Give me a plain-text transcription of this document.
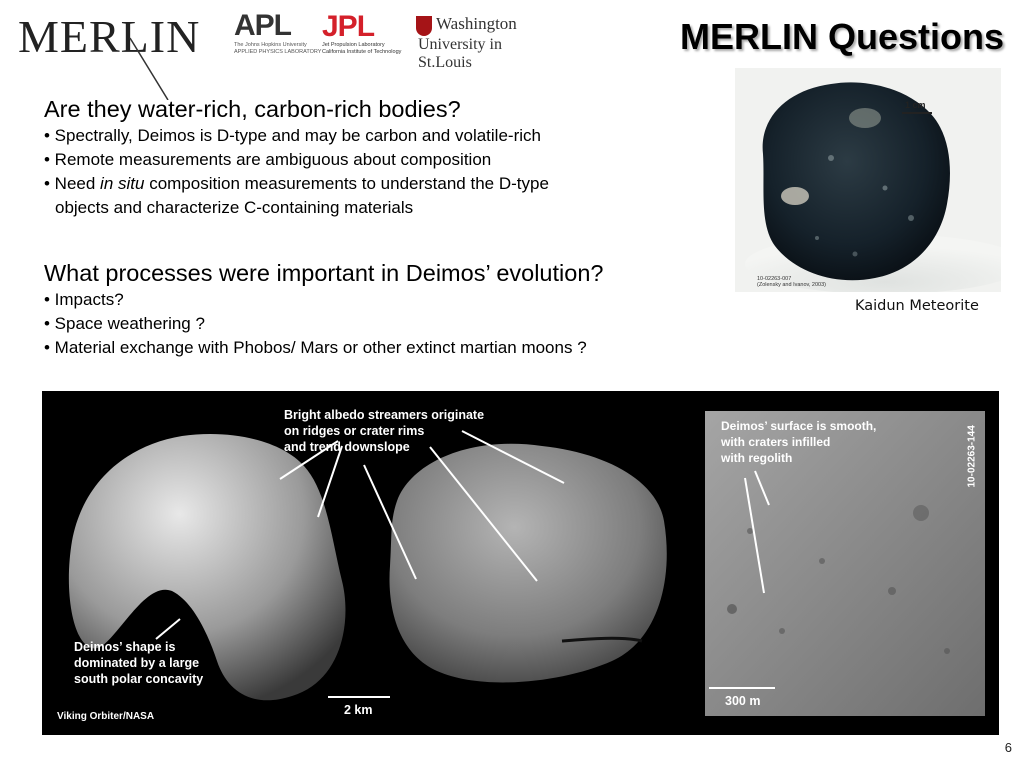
MERLIN APL
The Johns Hopkins University
APPLIED PHYSICS LABORATORY
JPL
Jet Propulsion Laboratory
California Institute of Technology
Washington
University in St.Louis
MERLIN Questions
Are they water-rich, carbon-rich bodies?
• Spectrally, Deimos is D-type and may be carbon and volatile-rich
• Remote measurements are ambiguous about composition
• Need in situ composition measurements to understand the D-type
objects and characterize C-containing materials
What processes were important in Deimos’ evolution?
• Impacts?
• Space weathering ?
• Material exchange with Phobos/ Mars or other extinct martian moons ?
1 cm
10-02263-007
(Zolensky and Ivanov, 2003)
Kaidun Meteorite
Bright albedo streamers originate
on ridges or crater rims
and trend downslope
Deimos’ shape is
dominated by a large
south polar concavity
Deimos’ surface is smooth,
with craters infilled
with regolith	10-02263-144
Viking Orbiter/NASA	2 km
300 m
6
